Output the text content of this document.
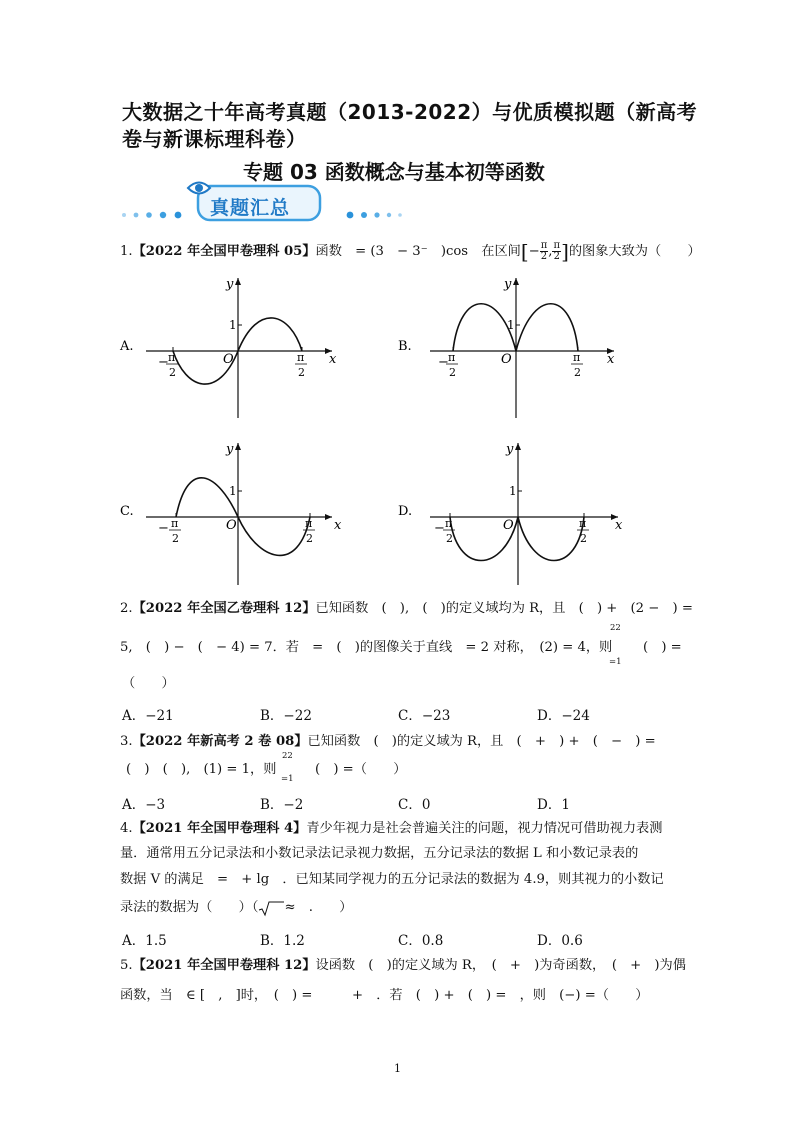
大数据之十年高考真题（2013-2022）与优质模拟题（新高考
卷与新课标理科卷）
专题 03 函数概念与基本初等函数
真题汇总
1.【2022 年全国甲卷理科 05】函数　= (3　− 3⁻　)cos　在区间[− $\frac{\pi}{2}$ , $\frac{\pi}{2}$ ]的图象大致为（　　）
A.
y
x
O
1
− π
2
π
2
B.
y
x
O
1
− π
2
π
2
C.
y
x
O
1
− π
2
π
2
D.
y
x
O
1
− π
2
π
2
2.【2022 年全国乙卷理科 12】已知函数　(　),　(　)的定义域均为 R，且　(　) +　(2 −　) =
5,　(　) −　(　− 4) = 7．若　=　(　)的图像关于直线　= 2 对称，　(2) = 4，则
22
=1
(　) =
（　　）
A．−21	B．−22	C．−23	D．−24
3.【2022 年新高考 2 卷 08】已知函数　(　)的定义域为 R，且　(　+　) +　(　−　) =
(　)　(　),　(1) = 1，则
22
=1
(　) =（　　）
A．−3	B．−2	C．0	D．1
4.【2021 年全国甲卷理科 4】青少年视力是社会普遍关注的问题，视力情况可借助视力表测
量．通常用五分记录法和小数记录法记录视力数据，五分记录法的数据 L 和小数记录表的
数据 V 的满足　=　+ lg　．已知某同学视力的五分记录法的数据为 4.9，则其视力的小数记
录法的数据为（　　）（ ≈　.　　）
A．1.5	B．1.2	C．0.8	D．0.6
5.【2021 年全国甲卷理科 12】设函数　(　)的定义域为 R，　(　+　)为奇函数，　(　+　)为偶
函数，当　∈ [　,　]时，　(　) =　　　+　．若　(　) +　(　) =　，则　(−) =（　　）
1
